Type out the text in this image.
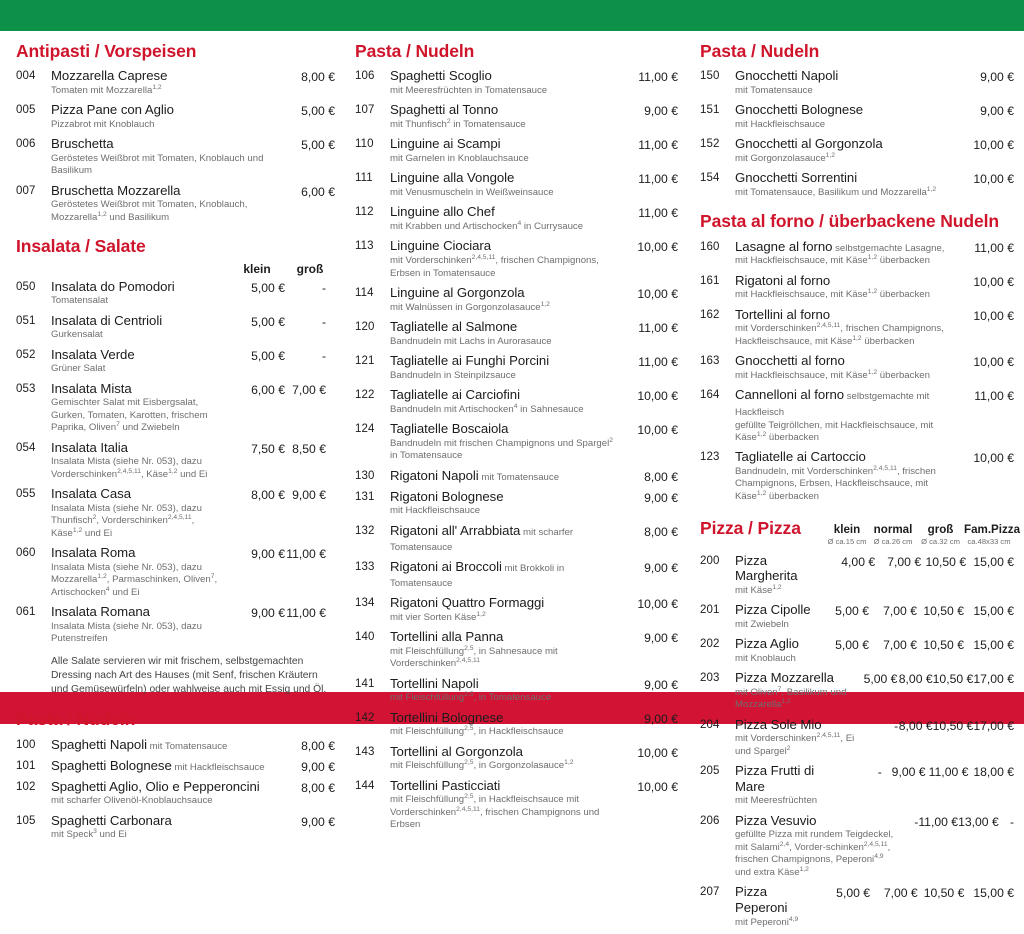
Antipasti / Vorspeisen
004	Mozzarella Caprese
Tomaten mit Mozzarella$^{1,2}$
8,00 €
005	Pizza Pane con Aglio
Pizzabrot mit Knoblauch
5,00 €
006	Bruschetta
Geröstetes Weißbrot mit Tomaten, Knoblauch und Basilikum
5,00 €
007	Bruschetta Mozzarella
Geröstetes Weißbrot mit Tomaten, Knoblauch, Mozzarella$^{1,2}$ und Basilikum
6,00 €
Insalata / Salate
klein	groß
050	Insalata do Pomodori
Tomatensalat
5,00 €	-
051	Insalata di Centrioli
Gurkensalat
5,00 €	-
052	Insalata Verde
Grüner Salat
5,00 €	-
053	Insalata Mista
Gemischter Salat mit Eisbergsalat, Gurken, Tomaten, Karotten, frischem Paprika, Oliven$^7$ und Zwiebeln
6,00 € 7,00 €
054	Insalata Italia
Insalata Mista (siehe Nr. 053), dazu Vorderschinken$^{2,4,5,11}$, Käse$^{1,2}$ und Ei
7,50 € 8,50 €
055	Insalata Casa
Insalata Mista (siehe Nr. 053), dazu Thunfisch$^2$, Vorderschinken$^{2,4,5,11}$, Käse$^{1,2}$ und Ei
8,00 € 9,00 €
060	Insalata Roma
Insalata Mista (siehe Nr. 053), dazu Mozzarella$^{1,2}$, Parmaschinken, Oliven$^7$, Artischocken$^4$ und Ei
9,00 € 11,00 €
061	Insalata Romana
Insalata Mista (siehe Nr. 053), dazu Putenstreifen
9,00 € 11,00 €
Alle Salate servieren wir mit frischem, selbstgemachten Dressing nach Art des Hauses (mit Senf, frischen Kräutern und Gemüsewürfeln) oder wahlweise auch mit Essig und Öl.
Pasta / Nudeln
100	Spaghetti Napoli mit Tomatensauce	8,00 €
101	Spaghetti Bolognese mit Hackfleischsauce	9,00 €
102	Spaghetti Aglio, Olio e Pepperoncini
mit scharfer Olivenöl-Knoblauchsauce
8,00 €
105	Spaghetti Carbonara
mit Speck$^3$ und Ei
9,00 €
Pasta / Nudeln
106	Spaghetti Scoglio
mit Meeresfrüchten in Tomatensauce
11,00 €
107	Spaghetti al Tonno
mit Thunfisch$^2$ in Tomatensauce
9,00 €
110	Linguine ai Scampi
mit Garnelen in Knoblauchsauce
11,00 €
111	Linguine alla Vongole
mit Venusmuscheln in Weißweinsauce
11,00 €
112	Linguine allo Chef
mit Krabben und Artischocken$^4$ in Currysauce
11,00 €
113	Linguine Ciociara
mit Vorderschinken$^{2,4,5,11}$, frischen Champignons, Erbsen in Tomatensauce
10,00 €
114	Linguine al Gorgonzola
mit Walnüssen in Gorgonzolasauce$^{1,2}$
10,00 €
120	Tagliatelle al Salmone
Bandnudeln mit Lachs in Aurorasauce
11,00 €
121	Tagliatelle ai Funghi Porcini
Bandnudeln in Steinpilzsauce
11,00 €
122	Tagliatelle ai Carciofini
Bandnudeln mit Artischocken$^4$ in Sahnesauce
10,00 €
124	Tagliatelle Boscaiola
Bandnudeln mit frischen Champignons und Spargel$^2$ in Tomatensauce
10,00 €
130	Rigatoni Napoli mit Tomatensauce	8,00 €
131	Rigatoni Bolognese
mit Hackfleischsauce
9,00 €
132	Rigatoni all' Arrabbiata mit scharfer Tomatensauce
8,00 €
133	Rigatoni ai Broccoli mit Brokkoli in Tomatensauce
9,00 €
134	Rigatoni Quattro Formaggi
mit vier Sorten Käse$^{1,2}$
10,00 €
140	Tortellini alla Panna
mit Fleischfüllung$^{2,5}$, in Sahnesauce mit Vorderschinken$^{2,4,5,11}$
9,00 €
141	Tortellini Napoli
mit Fleischfüllung$^{2,5}$, in Tomatensauce
9,00 €
142	Tortellini Bolognese
mit Fleischfüllung$^{2,5}$, in Hackfleischsauce
9,00 €
143	Tortellini al Gorgonzola
mit Fleischfüllung$^{2,5}$, in Gorgonzolasauce$^{1,2}$
10,00 €
144	Tortellini Pasticciati
mit Fleischfüllung$^{2,5}$, in Hackfleischsauce mit Vorderschinken$^{2,4,5,11}$, frischen Champignons und Erbsen
10,00 €
Pasta / Nudeln
150	Gnocchetti Napoli
mit Tomatensauce
9,00 €
151	Gnocchetti Bolognese
mit Hackfleischsauce
9,00 €
152	Gnocchetti al Gorgonzola
mit Gorgonzolasauce$^{1,2}$
10,00 €
154	Gnocchetti Sorrentini
mit Tomatensauce, Basilikum und Mozzarella$^{1,2}$
10,00 €
Pasta al forno / überbackene Nudeln
160	Lasagne al forno selbstgemachte Lasagne,
mit Hackfleischsauce, mit Käse$^{1,2}$ überbacken
11,00 €
161	Rigatoni al forno
mit Hackfleischsauce, mit Käse$^{1,2}$ überbacken
10,00 €
162	Tortellini al forno
mit Vorderschinken$^{2,4,5,11}$, frischen Champignons, Hackfleischsauce, mit Käse$^{1,2}$ überbacken
10,00 €
163	Gnocchetti al forno
mit Hackfleischsauce, mit Käse$^{1,2}$ überbacken
10,00 €
164	Cannelloni al forno selbstgemachte mit Hackfleisch
gefüllte Teigröllchen, mit Hackfleischsauce, mit Käse$^{1,2}$ überbacken
11,00 €
123	Tagliatelle ai Cartoccio
Bandnudeln, mit Vorderschinken$^{2,4,5,11}$, frischen Champignons, Erbsen, Hackfleischsauce, mit Käse$^{1,2}$ überbacken
10,00 €
Pizza / Pizza	klein
Ø ca.15 cm
normal
Ø ca.26 cm
groß
Ø ca.32 cm
Fam.Pizza
ca.48x33 cm
200	Pizza Margherita
mit Käse$^{1,2}$
4,00 € 7,00 € 10,50 € 15,00 €
201	Pizza Cipolle
mit Zwiebeln
5,00 €	7,00 € 10,50 € 15,00 €
202	Pizza Aglio
mit Knoblauch
5,00 €	7,00 € 10,50 € 15,00 €
203	Pizza Mozzarella
mit Oliven$^7$, Basilikum und Mozzarella$^{1,2}$
5,00 € 8,00 € 10,50 € 17,00 €
204	Pizza Sole Mio
mit Vorderschinken$^{2,4,5,11}$, Ei und Spargel$^2$
- 8,00 € 10,50 € 17,00 €
205	Pizza Frutti di Mare
mit Meeresfrüchten
- 9,00 € 11,00 € 18,00 €
206	Pizza Vesuvio
gefüllte Pizza mit rundem Teigdeckel, mit Salami$^{2,4}$, Vorder-schinken$^{2,4,5,11}$, frischen Champignons, Peperoni$^{4,9}$ und extra Käse$^{1,2}$
- 11,00 € 13,00 € -
207	Pizza Peperoni
mit Peperoni$^{4,9}$
5,00 €	7,00 € 10,50 € 15,00 €
